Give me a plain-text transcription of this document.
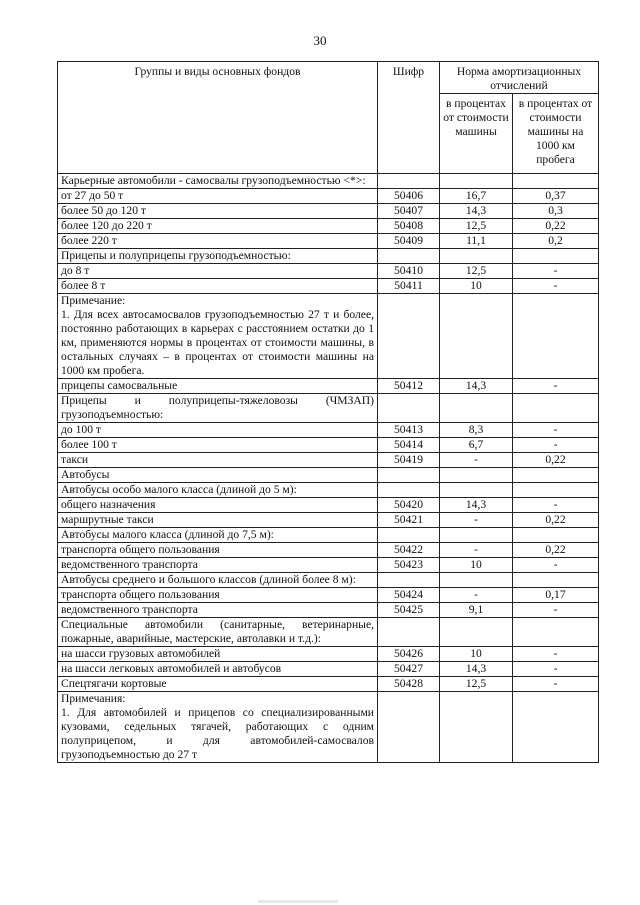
30
Группы и виды основных фондов	Шифр	Норма амортизационных отчислений	
		в процентах от стоимости машины	в процентах от стоимости машины на 1000 км пробега
Карьерные автомобили - самосвалы грузоподъемностью <*>:			
от 27 до 50 т	50406	16,7	0,37
более 50 до 120 т	50407	14,3	0,3
более 120 до 220 т	50408	12,5	0,22
более 220 т	50409	11,1	0,2
Прицепы и полуприцепы грузоподъемностью:			
до 8 т	50410	12,5	-
более 8 т	50411	10	-
Примечание:
1. Для всех автосамосвалов грузоподъемностью 27 т и более, постоянно работающих в карьерах с расстоянием остатки до 1 км, применяются нормы в процентах от стоимости машины, в остальных случаях – в процентах от стоимости машины на 1000 км пробега.			
прицепы самосвальные	50412	14,3	-
Прицепы и полуприцепы-тяжеловозы (ЧМЗАП) грузоподъемностью:			
до 100 т	50413	8,3	-
более 100 т	50414	6,7	-
такси	50419	-	0,22
Автобусы			
Автобусы особо малого класса (длиной до 5 м):			
общего назначения	50420	14,3	-
маршрутные такси	50421	-	0,22
Автобусы малого класса (длиной до 7,5 м):			
транспорта общего пользования	50422	-	0,22
ведомственного транспорта	50423	10	-
Автобусы среднего и большого классов (длиной более 8 м):			
транспорта общего пользования	50424	-	0,17
ведомственного транспорта	50425	9,1	-
Специальные автомобили (санитарные, ветеринарные, пожарные, аварийные, мастерские, автолавки и т.д.):			
на шасси грузовых автомобилей	50426	10	-
на шасси легковых автомобилей и автобусов	50427	14,3	-
Спецтягачи кортовые	50428	12,5	-
Примечания:
1. Для автомобилей и прицепов со специализированными кузовами, седельных тягачей, работающих с одним полуприцепом, и для автомобилей-самосвалов грузоподъемностью до 27 т			
